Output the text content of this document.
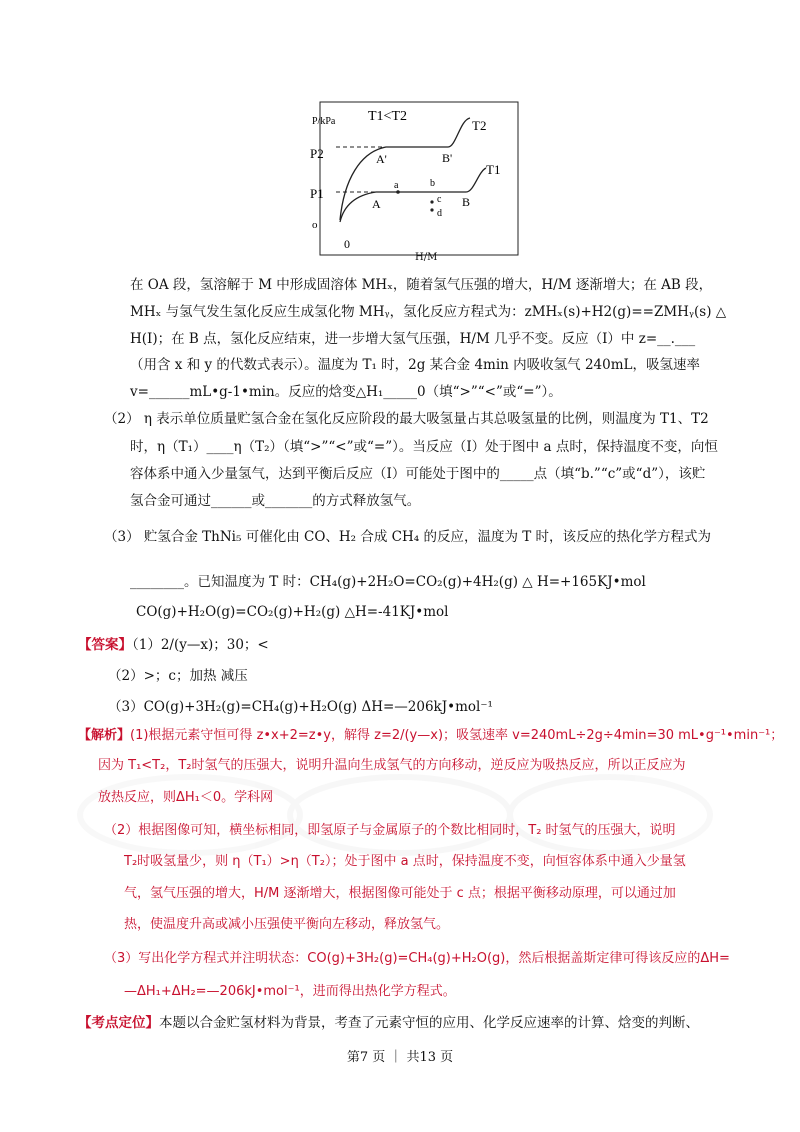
P/kPa T1<T2
P2
P1
T2
T1
A'	B'
A	B
a	b
c
d
o
0
H/M
在 OA 段，氢溶解于 M 中形成固溶体 MHₓ，随着氢气压强的增大，H/M 逐渐增大；在 AB 段，
MHₓ 与氢气发生氢化反应生成氢化物 MHᵧ，氢化反应方程式为：zMHₓ(s)+H2(g)==ZMHᵧ(s) △
H(Ⅰ)；在 B 点，氢化反应结束，进一步增大氢气压强，H/M 几乎不变。反应（Ⅰ）中 z=__.___
（用含 x 和 y 的代数式表示）。温度为 T₁ 时，2g 某合金 4min 内吸收氢气 240mL，吸氢速率
v=______mL•g-1•min。反应的焓变△H₁_____0（填“>”“<”或“=”）。
（2） η 表示单位质量贮氢合金在氢化反应阶段的最大吸氢量占其总吸氢量的比例，则温度为 T1、T2
时，η（T₁）____η（T₂）（填“>”“<”或“=”）。当反应（Ⅰ）处于图中 a 点时，保持温度不变，向恒
容体系中通入少量氢气，达到平衡后反应（Ⅰ）可能处于图中的_____点（填“b.”“c”或“d”），该贮
氢合金可通过______或_______的方式释放氢气。
（3） 贮氢合金 ThNi₅ 可催化由 CO、H₂ 合成 CH₄ 的反应，温度为 T 时，该反应的热化学方程式为
________。已知温度为 T 时：CH₄(g)+2H₂O=CO₂(g)+4H₂(g) △ H=+165KJ•mol
CO(g)+H₂O(g)=CO₂(g)+H₂(g) △H=-41KJ•mol
【答案】（1）2/(y—x)；30；<
（2）>；c；加热 减压
（3）CO(g)+3H₂(g)=CH₄(g)+H₂O(g) ΔH=—206kJ•mol⁻¹
【解析】(1)根据元素守恒可得 z•x+2=z•y，解得 z=2/(y—x)；吸氢速率 v=240mL÷2g÷4min=30 mL•g⁻¹•min⁻¹；
因为 T₁<T₂，T₂时氢气的压强大，说明升温向生成氢气的方向移动，逆反应为吸热反应，所以正反应为
放热反应，则ΔH₁＜0。学科网
（2）根据图像可知，横坐标相同，即氢原子与金属原子的个数比相同时，T₂ 时氢气的压强大，说明
T₂时吸氢量少，则 η（T₁）>η（T₂）；处于图中 a 点时，保持温度不变，向恒容体系中通入少量氢
气，氢气压强的增大，H/M 逐渐增大，根据图像可能处于 c 点；根据平衡移动原理，可以通过加
热，使温度升高或减小压强使平衡向左移动，释放氢气。
（3）写出化学方程式并注明状态：CO(g)+3H₂(g)=CH₄(g)+H₂O(g)，然后根据盖斯定律可得该反应的ΔH=
—ΔH₁+ΔH₂=—206kJ•mol⁻¹，进而得出热化学方程式。
【考点定位】本题以合金贮氢材料为背景，考查了元素守恒的应用、化学反应速率的计算、焓变的判断、
第7 页 ｜ 共13 页
